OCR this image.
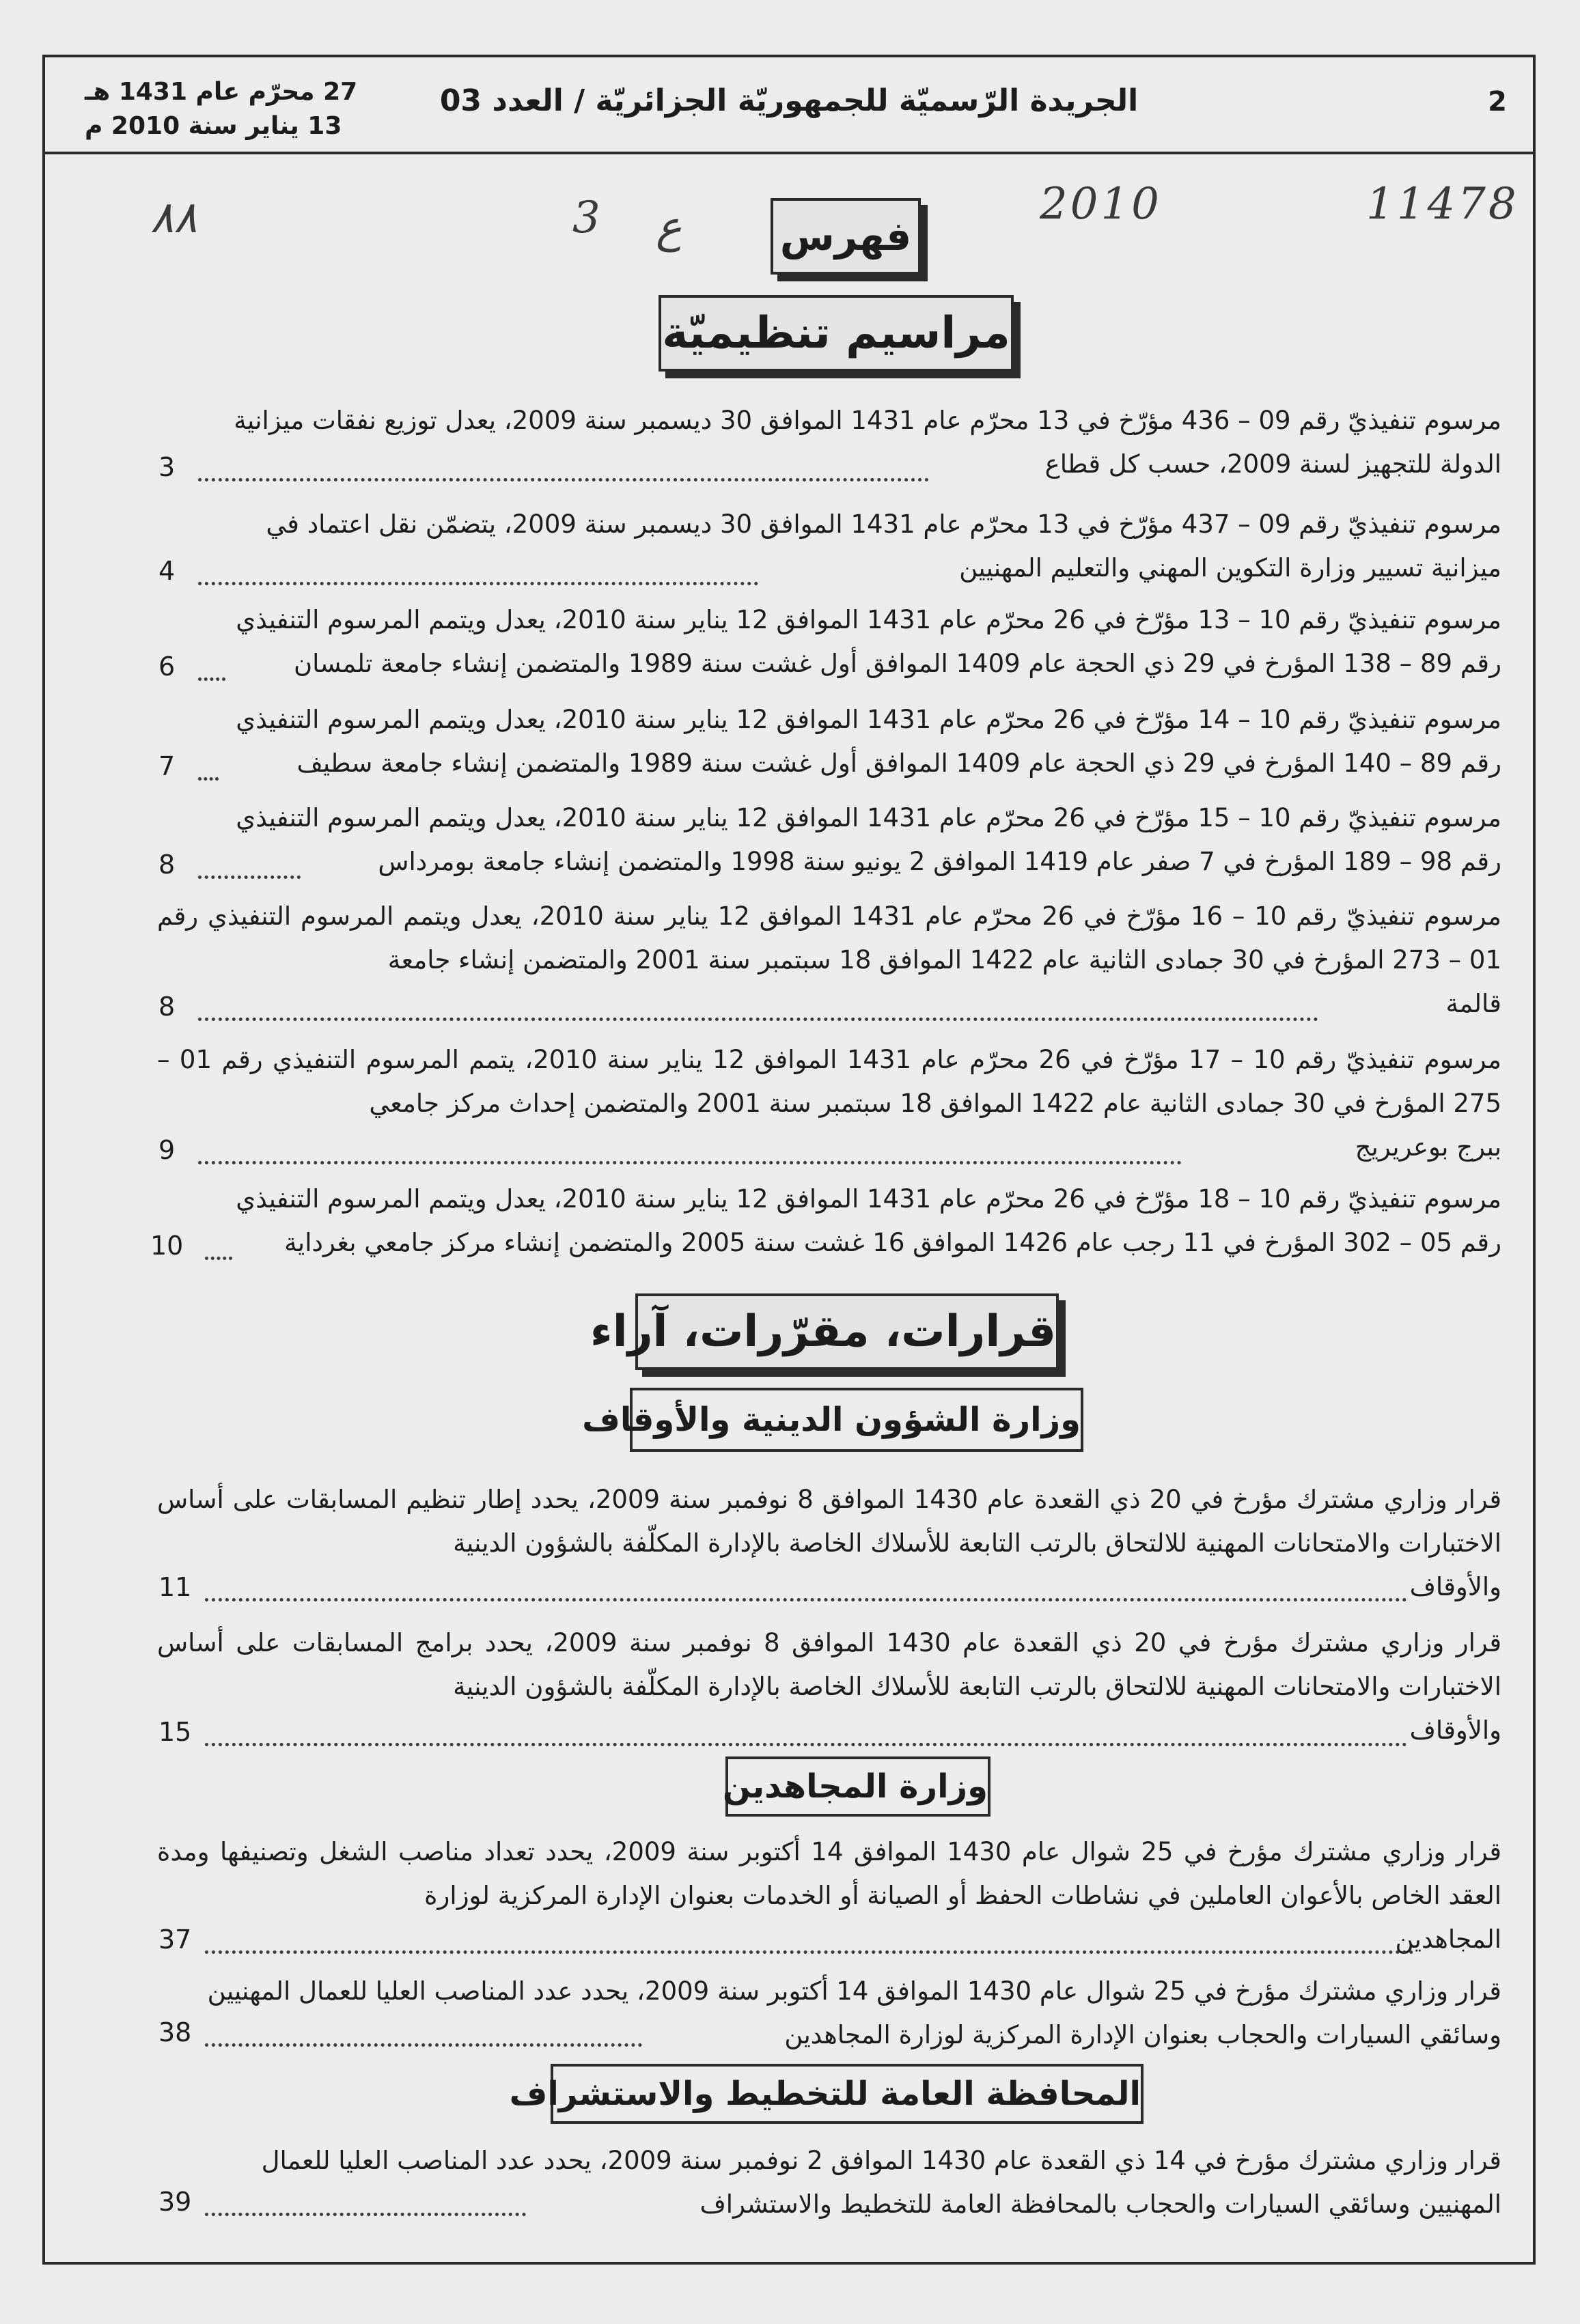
2
الجريدة الرّسميّة للجمهوريّة الجزائريّة / العدد 03
27 محرّم عام 1431 هـ
13 يناير سنة 2010 م
٨٨	3 ع	2010	11478
فهرس
مراسيم تنظيميّة
مرسوم تنفيذيّ رقم 09 – 436 مؤرّخ في 13 محرّم عام 1431 الموافق 30 ديسمبر سنة 2009، يعدل توزيع نفقات ميزانية
الدولة للتجهيز لسنة 2009، حسب كل قطاع
3
مرسوم تنفيذيّ رقم 09 – 437 مؤرّخ في 13 محرّم عام 1431 الموافق 30 ديسمبر سنة 2009، يتضمّن نقل اعتماد في
ميزانية تسيير وزارة التكوين المهني والتعليم المهنيين
4
مرسوم تنفيذيّ رقم 10 – 13 مؤرّخ في 26 محرّم عام 1431 الموافق 12 يناير سنة 2010، يعدل ويتمم المرسوم التنفيذي
رقم 89 – 138 المؤرخ في 29 ذي الحجة عام 1409 الموافق أول غشت سنة 1989 والمتضمن إنشاء جامعة تلمسان
6
مرسوم تنفيذيّ رقم 10 – 14 مؤرّخ في 26 محرّم عام 1431 الموافق 12 يناير سنة 2010، يعدل ويتمم المرسوم التنفيذي
رقم 89 – 140 المؤرخ في 29 ذي الحجة عام 1409 الموافق أول غشت سنة 1989 والمتضمن إنشاء جامعة سطيف
7
مرسوم تنفيذيّ رقم 10 – 15 مؤرّخ في 26 محرّم عام 1431 الموافق 12 يناير سنة 2010، يعدل ويتمم المرسوم التنفيذي
رقم 98 – 189 المؤرخ في 7 صفر عام 1419 الموافق 2 يونيو سنة 1998 والمتضمن إنشاء جامعة بومرداس
8
مرسوم تنفيذيّ رقم 10 – 16 مؤرّخ في 26 محرّم عام 1431 الموافق 12 يناير سنة 2010، يعدل ويتمم المرسوم التنفيذي رقم 01 – 273 المؤرخ في 30 جمادى الثانية عام 1422 الموافق 18 سبتمبر سنة 2001 والمتضمن إنشاء جامعة
قالمة
8
مرسوم تنفيذيّ رقم 10 – 17 مؤرّخ في 26 محرّم عام 1431 الموافق 12 يناير سنة 2010، يتمم المرسوم التنفيذي رقم 01 – 275 المؤرخ في 30 جمادى الثانية عام 1422 الموافق 18 سبتمبر سنة 2001 والمتضمن إحداث مركز جامعي
ببرج بوعريريج
9
مرسوم تنفيذيّ رقم 10 – 18 مؤرّخ في 26 محرّم عام 1431 الموافق 12 يناير سنة 2010، يعدل ويتمم المرسوم التنفيذي
رقم 05 – 302 المؤرخ في 11 رجب عام 1426 الموافق 16 غشت سنة 2005 والمتضمن إنشاء مركز جامعي بغرداية
10
قرارات، مقرّرات، آراء
وزارة الشؤون الدينية والأوقاف
قرار وزاري مشترك مؤرخ في 20 ذي القعدة عام 1430 الموافق 8 نوفمبر سنة 2009، يحدد إطار تنظيم المسابقات على أساس الاختبارات والامتحانات المهنية للالتحاق بالرتب التابعة للأسلاك الخاصة بالإدارة المكلّفة بالشؤون الدينية
والأوقاف
11
قرار وزاري مشترك مؤرخ في 20 ذي القعدة عام 1430 الموافق 8 نوفمبر سنة 2009، يحدد برامج المسابقات على أساس الاختبارات والامتحانات المهنية للالتحاق بالرتب التابعة للأسلاك الخاصة بالإدارة المكلّفة بالشؤون الدينية
والأوقاف
15
وزارة المجاهدين
قرار وزاري مشترك مؤرخ في 25 شوال عام 1430 الموافق 14 أكتوبر سنة 2009، يحدد تعداد مناصب الشغل وتصنيفها ومدة العقد الخاص بالأعوان العاملين في نشاطات الحفظ أو الصيانة أو الخدمات بعنوان الإدارة المركزية لوزارة
المجاهدين
37
قرار وزاري مشترك مؤرخ في 25 شوال عام 1430 الموافق 14 أكتوبر سنة 2009، يحدد عدد المناصب العليا للعمال المهنيين
وسائقي السيارات والحجاب بعنوان الإدارة المركزية لوزارة المجاهدين
38
المحافظة العامة للتخطيط والاستشراف
قرار وزاري مشترك مؤرخ في 14 ذي القعدة عام 1430 الموافق 2 نوفمبر سنة 2009، يحدد عدد المناصب العليا للعمال
المهنيين وسائقي السيارات والحجاب بالمحافظة العامة للتخطيط والاستشراف
39
